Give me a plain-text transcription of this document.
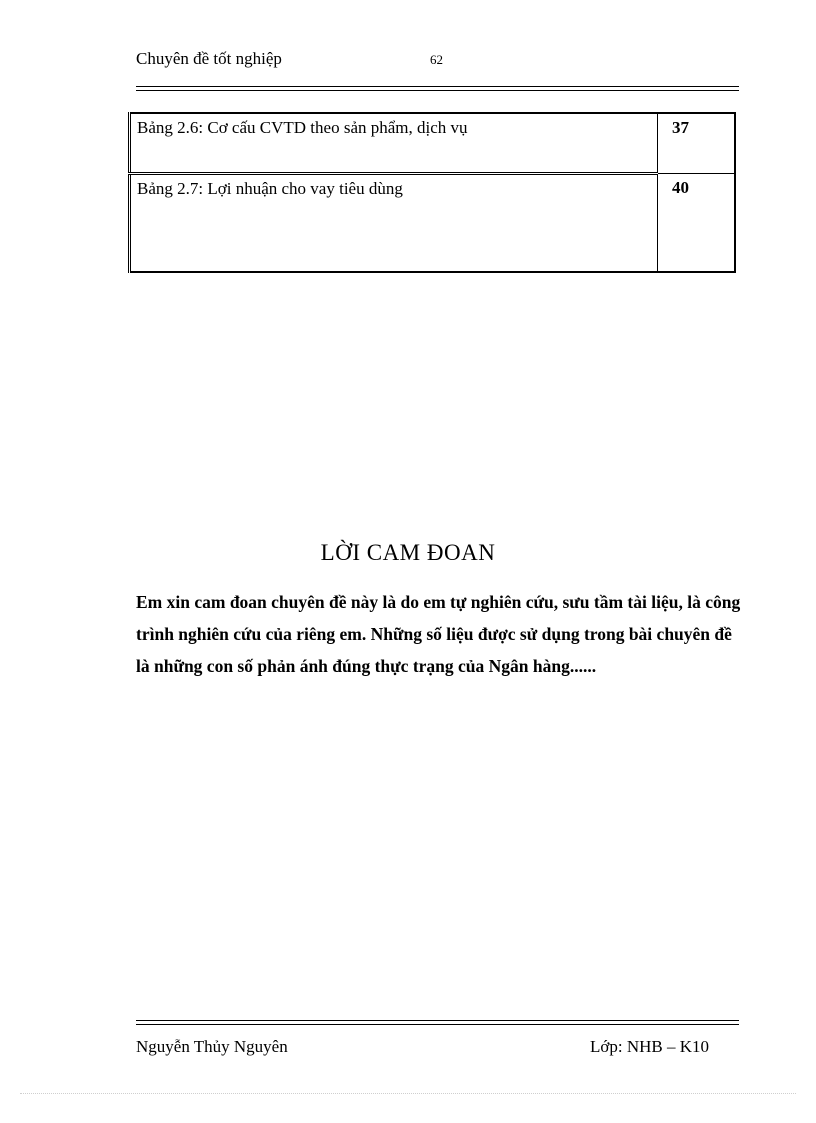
Chuyên đề tốt nghiệp	62
Bảng 2.6: Cơ cấu CVTD theo sản phẩm, dịch vụ	37
Bảng 2.7: Lợi nhuận cho vay tiêu dùng	40
LỜI CAM ĐOAN

Em xin cam đoan chuyên đề này là do em tự nghiên cứu, sưu tầm tài liệu, là công trình nghiên cứu của riêng em. Những số liệu được sử dụng trong bài chuyên đề là những con số phản ánh đúng thực trạng của Ngân hàng......

Nguyễn Thủy Nguyên	Lớp: NHB – K10
